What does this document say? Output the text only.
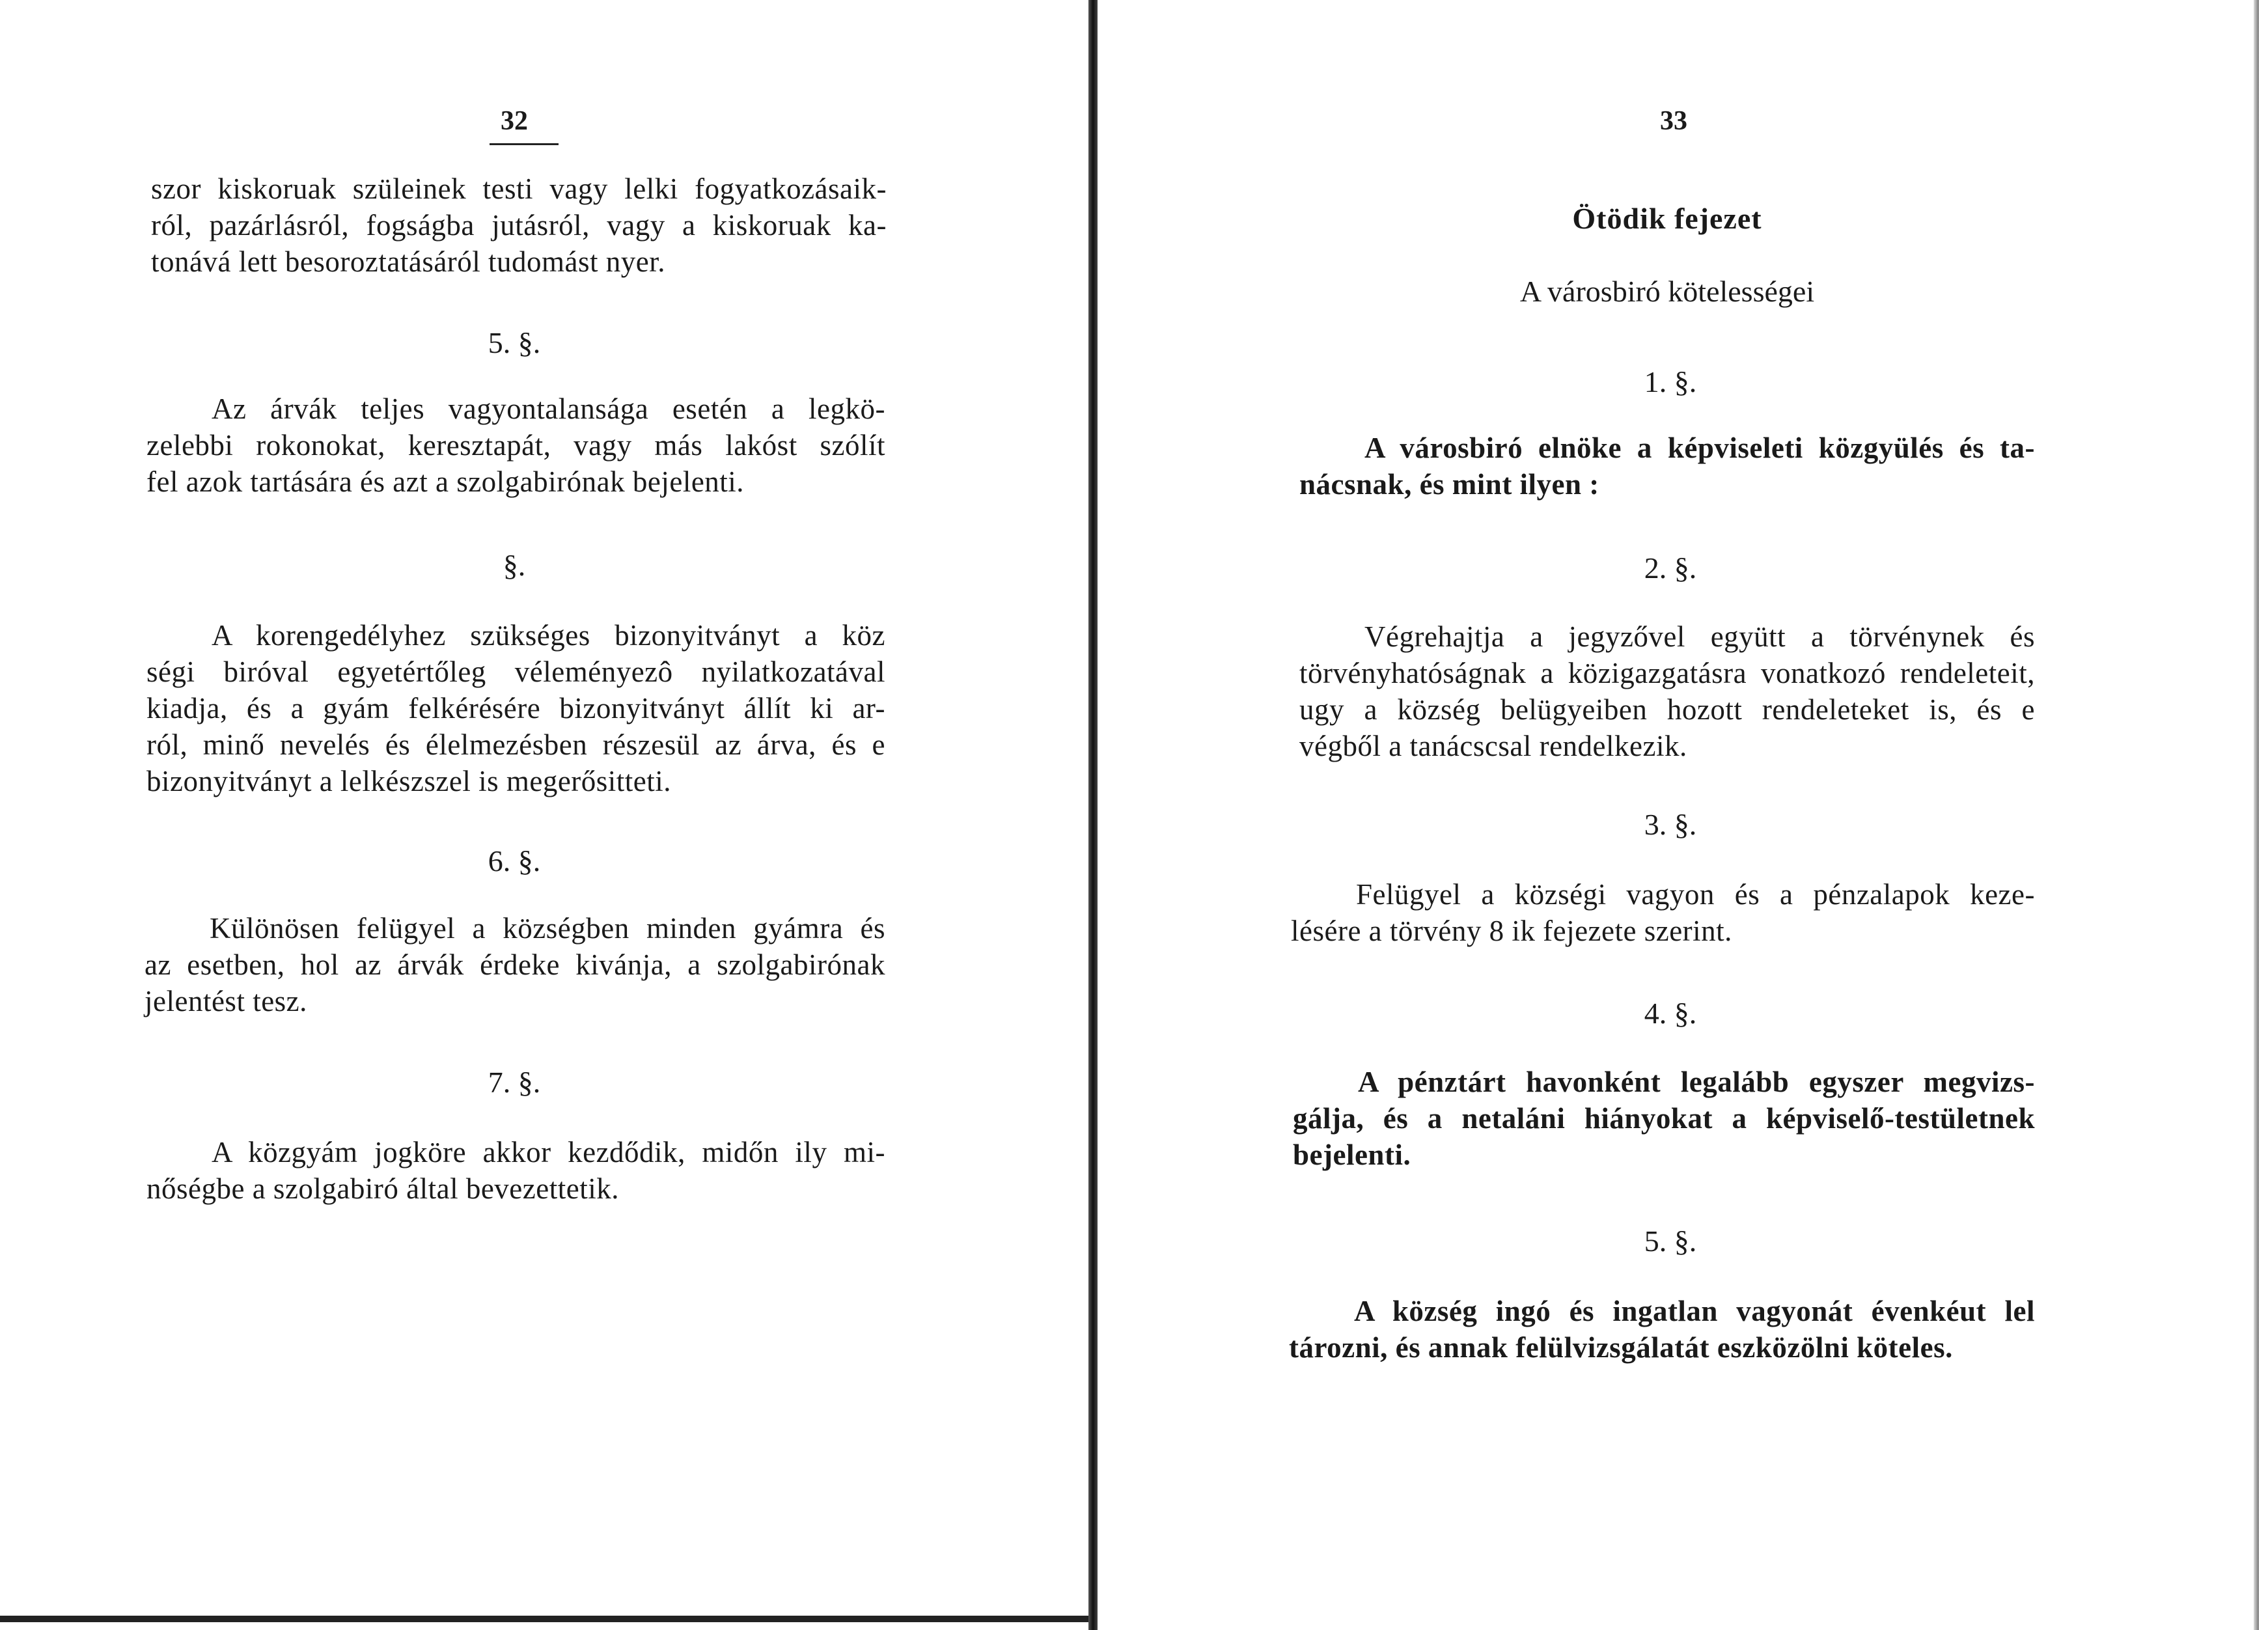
32
szor kiskoruak szüleinek testi vagy lelki fogyatkozásaik-
ról, pazárlásról, fogságba jutásról, vagy a kiskoruak ka-
tonává lett besoroztatásáról tudomást nyer.
5. §.
Az árvák teljes vagyontalansága esetén a legkö-
zelebbi rokonokat, keresztapát, vagy más lakóst szólít
fel azok tartására és azt a szolgabirónak bejelenti.
§.
A korengedélyhez szükséges bizonyitványt a köz
ségi biróval egyetértőleg véleményezô nyilatkozatával
kiadja, és a gyám felkérésére bizonyitványt állít ki ar-
ról, minő nevelés és élelmezésben részesül az árva, és e
bizonyitványt a lelkészszel is megerősitteti.
6. §.
Különösen felügyel a községben minden gyámra és
az esetben, hol az árvák érdeke kivánja, a szolgabirónak
jelentést tesz.
7. §.
A közgyám jogköre akkor kezdődik, midőn ily mi-
nőségbe a szolgabiró által bevezettetik.
33
Ötödik fejezet
A városbiró kötelességei
1. §.
A városbiró elnöke a képviseleti közgyülés és ta-
nácsnak, és mint ilyen :
2. §.
Végrehajtja a jegyzővel együtt a törvénynek és
törvényhatóságnak a közigazgatásra vonatkozó rendeleteit,
ugy a község belügyeiben hozott rendeleteket is, és e
végből a tanácscsal rendelkezik.
3. §.
Felügyel a községi vagyon és a pénzalapok keze-
lésére a törvény 8 ik fejezete szerint.
4. §.
A pénztárt havonként legalább egyszer megvizs-
gálja, és a netaláni hiányokat a képviselő-testületnek
bejelenti.
5. §.
A község ingó és ingatlan vagyonát évenkéut lel
tározni, és annak felülvizsgálatát eszközölni köteles.
